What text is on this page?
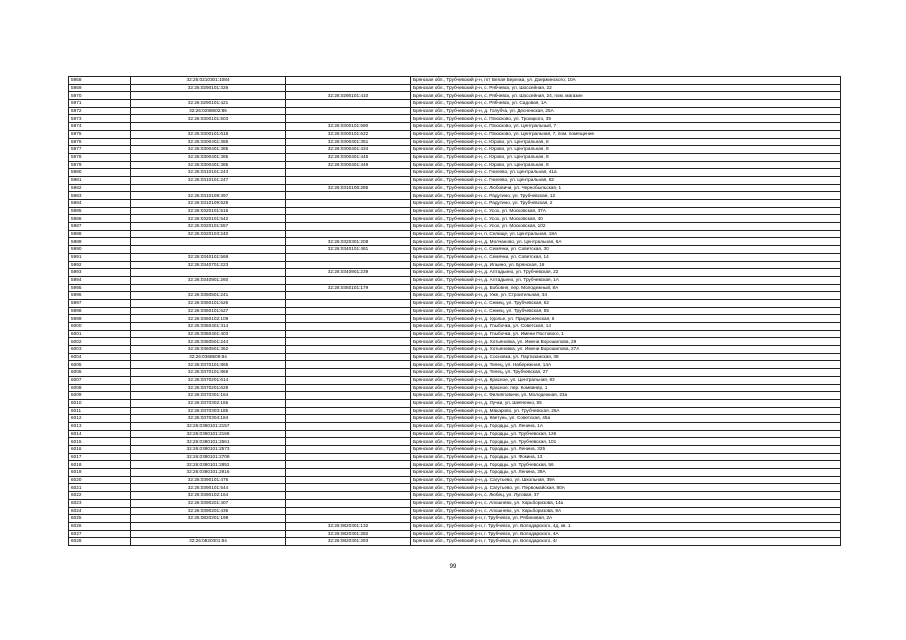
5958	32:26:0210301:1084		Брянская обл., Трубчевский р-н, пгт Белая Березка, ул. Дзержинского, 10А
5959	32:26:0290101:326		Брянская обл., Трубчевский р-н, с. Рябчевск, ул. Шоссейная, 22
5970		32:26:0290101:410	Брянская обл., Трубчевский р-н, с. Рябчевск, ул. Шоссейная, 24, пом. магазин
5971	32:26:0290101:421		Брянская обл., Трубчевский р-н, с. Рябчевск, ул. Садовая, 1А
5972	32:26:0298502:86		Брянская обл., Трубчевский р-н, д. Голубча, ул. Десненская, 25А
5973	32:26:0300101:503		Брянская обл., Трубчевский р-н, с. Плюсково, ул. Троицкого, 39
5974		32:26:0300101:590	Брянская обл., Трубчевский р-н, с. Плюсково, ул. Центральный, 7
5975	32:26:0300101:618	32:26:0300101:622	Брянская обл., Трубчевский р-н, с. Плюсково, ул. Центральная, 7, пом. помещение
5976	32:26:0300401:385	32:26:0300401:351	Брянская обл., Трубчевский р-н, с. Юрово, ул. Центральная, 8
5977	32:26:0300401:385	32:26:0300401:434	Брянская обл., Трубчевский р-н, с. Юрово, ул. Центральная, 8
5978	32:26:0300401:385	32:26:0300401:445	Брянская обл., Трубчевский р-н, с. Юрово, ул. Центральная, 8
5979	32:26:0300401:385	32:26:0300401:449	Брянская обл., Трубчевский р-н, с. Юрово, ул. Центральная, 8
5980	32:26:0310101:243		Брянская обл., Трубчевский р-н, с. Гнилево, ул. Центральная, 41а
5981	32:26:0310101:247		Брянская обл., Трубчевский р-н, с. Гнилево, ул. Центральная, 82
5982		32:26:0310106:285	Брянская обл., Трубчевский р-н, с. Любовичи, ул. Чернобыльская, 1
5983	32:26:0310109:397		Брянская обл., Трубчевский р-н, с. Радутино, ул. Трубчевская, 12
5984	32:26:0310109:528		Брянская обл., Трубчевский р-н, с. Радутино, ул. Трубчевская, 2
5985	32:26:0320101:516		Брянская обл., Трубчевский р-н, с. Усох, ул. Московская, 37А
5986	32:26:0320101:542		Брянская обл., Трубчевский р-н, с. Усох, ул. Московская, 40
5987	32:26:0320101:557		Брянская обл., Трубчевский р-н, с. Усох, ул. Московская, 102
5988	32:26:0320103:240		Брянская обл., Трубчевский р-н, п. Селище, ул. Центральная, 18А
5989		32:26:0320301:208	Брянская обл., Трубчевский р-н, д. Молчаново, ул. Центральная, 6А
5990		32:26:0340101:481	Брянская обл., Трубчевский р-н, с. Семячки, ул. Советская, 30
5991	32:26:0340101:568		Брянская обл., Трубчевский р-н, с. Семячки, ул. Советская, 14
5992	32:26:0340701:223		Брянская обл., Трубчевский р-н, д. Ильино, ул. Брянская, 16
5993		32:26:0340901:239	Брянская обл., Трубчевский р-н, д. Алтадьино, ул. Трубчевская, 22
5994	32:26:0340901:260		Брянская обл., Трубчевский р-н, д. Алтадьино, ул. Трубчевская, 1А
5995		32:26:0350101:179	Брянская обл., Трубчевский р-н, д. Бобовня, пер. Молодежный, 8А
5996	32:26:0350501:241		Брянская обл., Трубчевский р-н, д. Уже, ул. Строительная, 34
5997	32:26:0360101:626		Брянская обл., Трубчевский р-н, с. Семец, ул. Трубчевская, 62
5998	32:26:0360101:627		Брянская обл., Трубчевский р-н, с. Семец, ул. Трубчевская, 55
5999	32:26:0360102:109		Брянская обл., Трубчевский р-н, д. Удолье, ул. Придесненская, 6
6000	32:26:0360401:314		Брянская обл., Трубчевский р-н, д. Глыбочка, ул. Советская, 14
6001	32:26:0360401:403		Брянская обл., Трубчевский р-н, д. Глыбочка, ул. Имени Постового, 1
6002	32:26:0360501:244		Брянская обл., Трубчевский р-н, д. Хотьяновка, ул. Имени Ворошилова, 29
6003	32:26:0360501:362		Брянская обл., Трубчевский р-н, д. Хотьяновка, ул. Имени Ворошилова, 27А
6004	32:26:0368509:84		Брянская обл., Трубчевский р-н, д. Сосновка, ул. Партизанская, 38
6005	32:26:0370101:865		Брянская обл., Трубчевский р-н, д. Телец, ул. Набережная, 14А
6006	32:26:0370101:869		Брянская обл., Трубчевский р-н, д. Телец, ул. Трубчевская, 27
6007	32:26:0370201:614		Брянская обл., Трубчевский р-н, д. Красное, ул. Центральная, 83
6008	32:26:0370201:629		Брянская обл., Трубчевский р-н, д. Красное, пер. Комвинер, 1
6009	32:26:0370301:164		Брянская обл., Трубчевский р-н, с. Филипповичи, ул. Молодежная, 23а
6010	32:26:0370302:166		Брянская обл., Трубчевский р-н, д. Лучки, ул. Шевченко, 55
6011	32:26:0370303:185		Брянская обл., Трубчевский р-н, д. Макарово, ул. Трубчевская, 26А
6012	32:26:0370304:184		Брянская обл., Трубчевский р-н, д. Кветунь, ул. Советская, 45а
6013	32:26:0380101:2157		Брянская обл., Трубчевский р-н, д. Городцы, ул. Ленина, 1А
6014	32:26:0380101:2168		Брянская обл., Трубчевский р-н, д. Городцы, ул. Трубчевская, 126
6015	32:26:0380101:2561		Брянская обл., Трубчевский р-н, д. Городцы, ул. Трубчевская, 101
6016	32:26:0380101:2573		Брянская обл., Трубчевский р-н, д. Городцы, ул. Ленина, 325
6017	32:26:0380101:2709		Брянская обл., Трубчевский р-н, д. Городцы, ул. Фокина, 13
6018	32:26:0380101:2852		Брянская обл., Трубчевский р-н, д. Городцы, ул. Трубчевская, 56
6019	32:26:0380101:2916		Брянская обл., Трубчевский р-н, д. Городцы, ул. Ленина, 39А
6020	32:26:0390101:476		Брянская обл., Трубчевский р-н, д. Сагутьево, ул. Школьная, 39А
6021	32:26:0390101:544		Брянская обл., Трубчевский р-н, д. Сагутьево, ул. Первомайская, 80А
6022	32:26:0390102:164		Брянская обл., Трубчевский р-н, с. Любец, ул. Луговая, 37
6023	32:26:0390201:407		Брянская обл., Трубчевский р-н, с. Апошнево, ул. Харьборизова, 14а
6024	32:26:0390201:436		Брянская обл., Трубчевский р-н, с. Апошнево, ул. Харьборизова, 9А
6025	32:26:0820201:198		Брянская обл., Трубчевский р-н, г. Трубчевск, ул. Рябиновая, 2А
6026		32:26:0820301:132	Брянская обл., Трубчевский р-н, г. Трубчевск, ул. Володарского, 4д, кв. 1
6027		32:26:0820301:282	Брянская обл., Трубчевский р-н, г. Трубчевск, ул. Володарского, 4А
6028	32:26:0820301:84	32:26:0820301:293	Брянская обл., Трубчевский р-н, г. Трубчевск, ул. Володарского, 4г
99
